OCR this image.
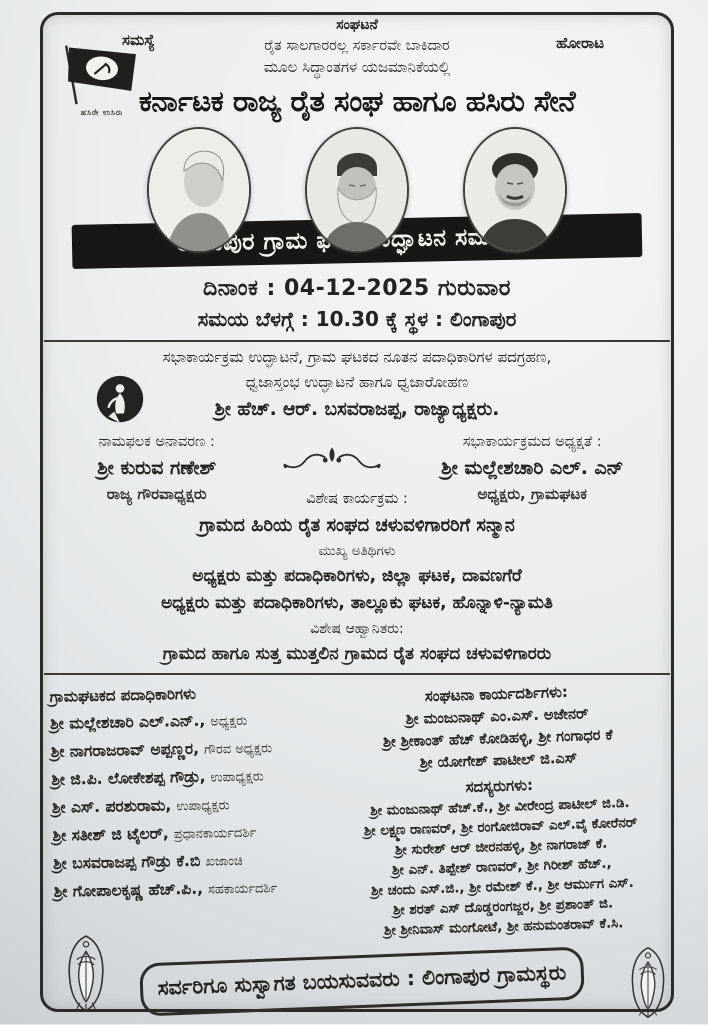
ಸಂಘಟನೆ
ಸಮಸ್ಯೆ	ಹೋರಾಟ
ರೈತ ಸಾಲಗಾರರಲ್ಲ ಸರ್ಕಾರವೇ ಬಾಕಿದಾರ
ಮೂಲ ಸಿದ್ಧಾಂತಗಳ ಯಜಮಾನಿಕೆಯಲ್ಲಿ
ಹಸಿರೇ ಉಸಿರು ಕರ್ನಾಟಕ ರಾಜ್ಯ ರೈತ ಸಂಘ ಹಾಗೂ ಹಸಿರು ಸೇನೆ
ಗ್ರಾಮ ಉದ್ಘಾಟನ
ದಿನಾಂಕ : 04-12-2025 ಗುರುವಾರ
ಸಮಯ ಬೆಳಗ್ಗೆ : 10.30 ಕ್ಕೆ ಸ್ಥಳ : ಲಿಂಗಾಪುರ
ಸಭಾಕಾರ್ಯಕ್ರಮ ಉದ್ಘಾಟನೆ, ಗ್ರಾಮ ಘಟಕದ ನೂತನ ಪದಾಧಿಕಾರಿಗಳ ಪದಗ್ರಹಣ,
ಧ್ವಜಾಸ್ತಂಭ ಉದ್ಘಾಟನೆ ಹಾಗೂ ಧ್ವಜಾರೋಹಣ
ಶ್ರೀ ಹೆಚ್. ಆರ್. ಬಸವರಾಜಪ್ಪ, ರಾಜ್ಯಾಧ್ಯಕ್ಷರು.
ನಾಮಫಲಕ ಅನಾವರಣ :
ಶ್ರೀ ಕುರುವ ಗಣೇಶ್
ರಾಜ್ಯ ಗೌರವಾಧ್ಯಕ್ಷರು
ಸಭಾಕಾರ್ಯಕ್ರಮದ ಅಧ್ಯಕ್ಷತೆ :
ಶ್ರೀ ಮಲ್ಲೇಶಚಾರಿ ಎಲ್. ಎನ್
ಅಧ್ಯಕ್ಷರು, ಗ್ರಾಮಘಟಕ
ವಿಶೇಷ ಕಾರ್ಯಕ್ರಮ :
ಗ್ರಾಮದ ಹಿರಿಯ ರೈತ ಸಂಘದ ಚಳುವಳಿಗಾರರಿಗೆ ಸನ್ಮಾನ
ಮುಖ್ಯ ಅತಿಥಿಗಳು
ಅಧ್ಯಕ್ಷರು ಮತ್ತು ಪದಾಧಿಕಾರಿಗಳು, ಜಿಲ್ಲಾ ಘಟಕ, ದಾವಣಗೆರೆ
ಅಧ್ಯಕ್ಷರು ಮತ್ತು ಪದಾಧಿಕಾರಿಗಳು, ತಾಲ್ಲೂಕು ಘಟಕ, ಹೊನ್ನಾಳಿ-ನ್ಯಾಮತಿ
ವಿಶೇಷ ಆಹ್ವಾನಿತರು:
ಗ್ರಾಮದ ಹಾಗೂ ಸುತ್ತ ಮುತ್ತಲಿನ ಗ್ರಾಮದ ರೈತ ಸಂಘದ ಚಳುವಳಿಗಾರರು
ಗ್ರಾಮಘಟಕದ ಪದಾಧಿಕಾರಿಗಳು
ಶ್ರೀ ಮಲ್ಲೇಶಚಾರಿ ಎಲ್.ಎನ್., ಅಧ್ಯಕ್ಷರು
ಶ್ರೀ ನಾಗರಾಜರಾವ್ ಅಪ್ಪಣ್ಣರ, ಗೌರವ ಅಧ್ಯಕ್ಷರು
ಶ್ರೀ ಜಿ.ಪಿ. ಲೋಕೇಶಪ್ಪ ಗೌಡ್ರು, ಉಪಾಧ್ಯಕ್ಷರು
ಶ್ರೀ ಎಸ್. ಪರಶುರಾಮ, ಉಪಾಧ್ಯಕ್ಷರು
ಶ್ರೀ ಸತೀಶ್ ಜಿ ಟೈಲರ್, ಪ್ರಧಾನಕಾರ್ಯದರ್ಶಿ
ಶ್ರೀ ಬಸವರಾಜಪ್ಪ ಗೌಡ್ರು ಕೆ.ಬಿ ಖಜಾಂಚಿ
ಶ್ರೀ ಗೋಪಾಲಕೃಷ್ಣ ಹೆಚ್.ಪಿ., ಸಹಕಾರ್ಯದರ್ಶಿ
ಸಂಘಟನಾ ಕಾರ್ಯದರ್ಶಿಗಳು:
ಶ್ರೀ ಮಂಜುನಾಥ್ ಎಂ.ಎಸ್. ಅಜೇನರ್
ಶ್ರೀ ಶ್ರೀಕಾಂತ್ ಹೆಚ್ ಕೋಡಿಹಳ್ಳಿ, ಶ್ರೀ ಗಂಗಾಧರ ಕೆ
ಶ್ರೀ ಯೋಗೇಶ್ ಪಾಟೀಲ್ ಜಿ.ಎಸ್
ಸದಸ್ಯರುಗಳು:
ಶ್ರೀ ಮಂಜುನಾಥ್ ಹೆಚ್.ಕೆ., ಶ್ರೀ ವೀರೇಂದ್ರ ಪಾಟೀಲ್ ಜಿ.ಡಿ.
ಶ್ರೀ ಲಕ್ಷ್ಮಣ ರಾಣವರ್, ಶ್ರೀ ರಂಗೋಜಿರಾವ್ ಎಲ್.ವೈ ಕೋರೆನರ್
ಶ್ರೀ ಸುರೇಶ್ ಆರ್ ಜೀರನಹಳ್ಳಿ, ಶ್ರೀ ನಾಗರಾಜ್ ಕೆ.
ಶ್ರೀ ಎನ್. ತಿಪ್ಪೇಶ್ ರಾಣವರ್, ಶ್ರೀ ಗಿರೀಶ್ ಹೆಚ್.,
ಶ್ರೀ ಚಂದು ಎಸ್.ಜಿ., ಶ್ರೀ ರಮೇಶ್ ಕೆ., ಶ್ರೀ ಆರ್ಮುಗ ಎಸ್.
ಶ್ರೀ ಶರತ್ ಎಸ್ ದೊಡ್ಡರಂಗಜ್ಜರ, ಶ್ರೀ ಪ್ರಶಾಂತ್ ಜಿ.
ಶ್ರೀ ಶ್ರೀನಿವಾಸ್ ಮಂಗೋಟೆ, ಶ್ರೀ ಹನುಮಂತರಾವ್ ಕೆ.ಸಿ.
ಸರ್ವರಿಗೂ ಸುಸ್ವಾಗತ ಬಯಸುವವರು : ಲಿಂಗಾಪುರ ಗ್ರಾಮಸ್ಥರು
